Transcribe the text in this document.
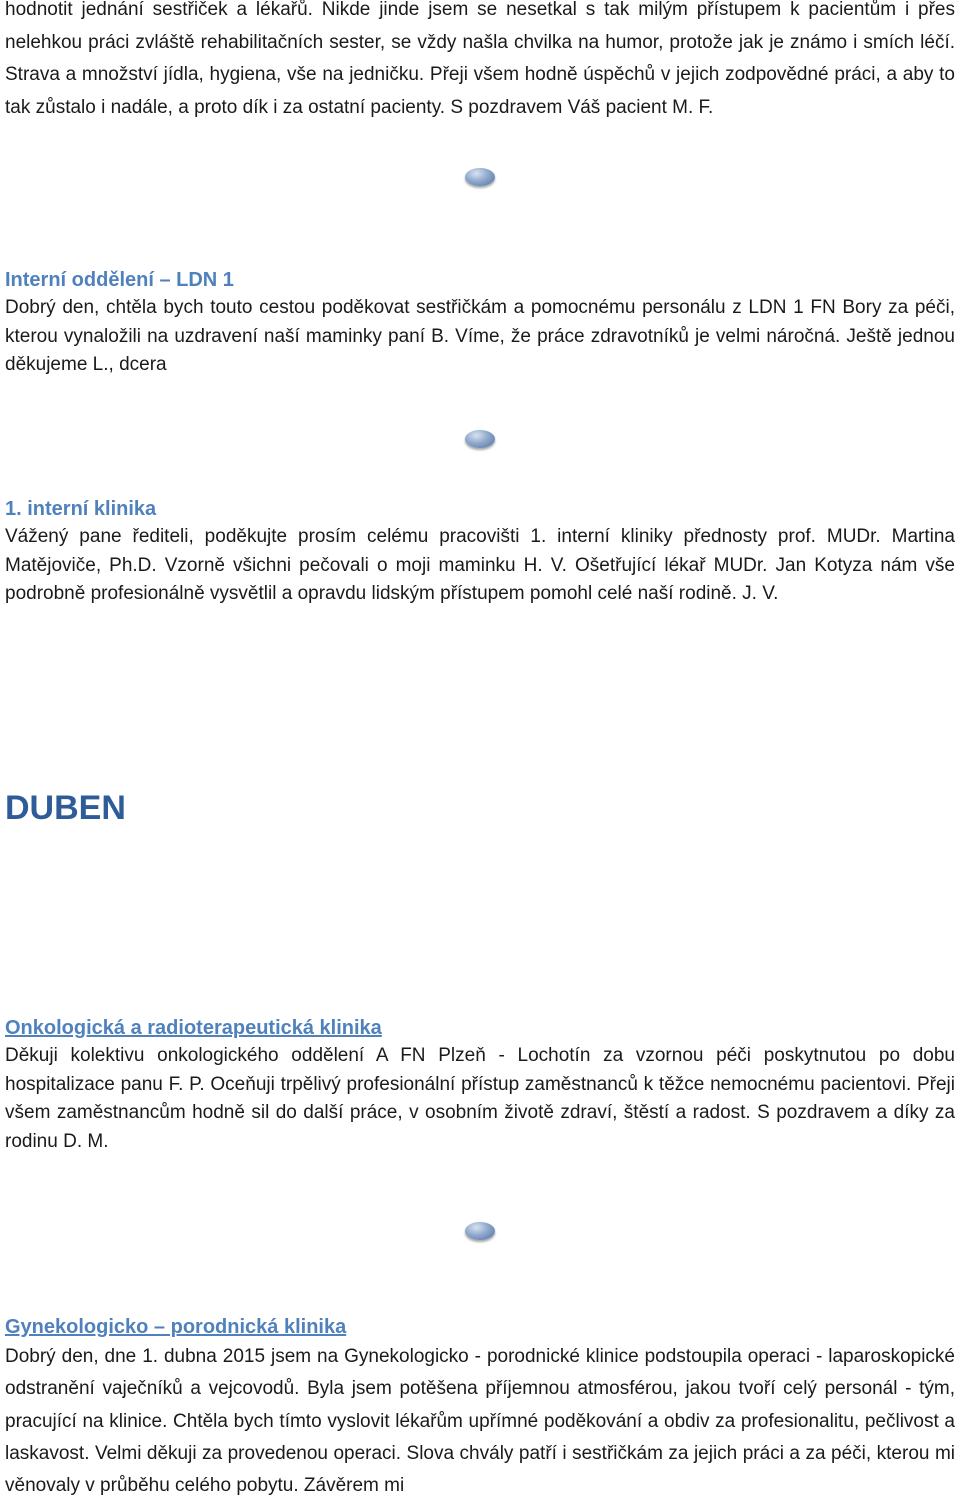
hodnotit jednání sestřiček a lékařů. Nikde jinde jsem se nesetkal s tak milým přístupem k pacientům i přes nelehkou práci zvláště rehabilitačních sester, se vždy našla chvilka na humor, protože jak je známo i smích léčí. Strava a množství jídla, hygiena, vše na jedničku. Přeji všem hodně úspěchů v jejich zodpovědné práci, a aby to tak zůstalo i nadále, a proto dík i za ostatní pacienty. S pozdravem Váš pacient M. F.

Interní oddělení – LDN 1

Dobrý den, chtěla bych touto cestou poděkovat sestřičkám a pomocnému personálu z LDN 1 FN Bory za péči, kterou vynaložili na uzdravení naší maminky paní B. Víme, že práce zdravotníků je velmi náročná. Ještě jednou děkujeme L., dcera

1. interní klinika

Vážený pane řediteli, poděkujte prosím celému pracovišti 1. interní kliniky přednosty prof. MUDr. Martina Matějoviče, Ph.D. Vzorně všichni pečovali o moji maminku H. V. Ošetřující lékař MUDr. Jan Kotyza nám vše podrobně profesionálně vysvětlil a opravdu lidským přístupem pomohl celé naší rodině. J. V.

DUBEN
Onkologická a radioterapeutická klinika

Děkuji kolektivu onkologického oddělení A FN Plzeň - Lochotín za vzornou péči poskytnutou po dobu hospitalizace panu F. P. Oceňuji trpělivý profesionální přístup zaměstnanců k těžce nemocnému pacientovi. Přeji všem zaměstnancům hodně sil do další práce, v osobním životě zdraví, štěstí a radost. S pozdravem a díky za rodinu D. M.

Gynekologicko – porodnická klinika

Dobrý den, dne 1. dubna 2015 jsem na Gynekologicko - porodnické klinice podstoupila operaci - laparoskopické odstranění vaječníků a vejcovodů. Byla jsem potěšena příjemnou atmosférou, jakou tvoří celý personál - tým, pracující na klinice. Chtěla bych tímto vyslovit lékařům upřímné poděkování a obdiv za profesionalitu, pečlivost a laskavost. Velmi děkuji za provedenou operaci. Slova chvály patří i sestřičkám za jejich práci a za péči, kterou mi věnovaly v průběhu celého pobytu. Závěrem mi
